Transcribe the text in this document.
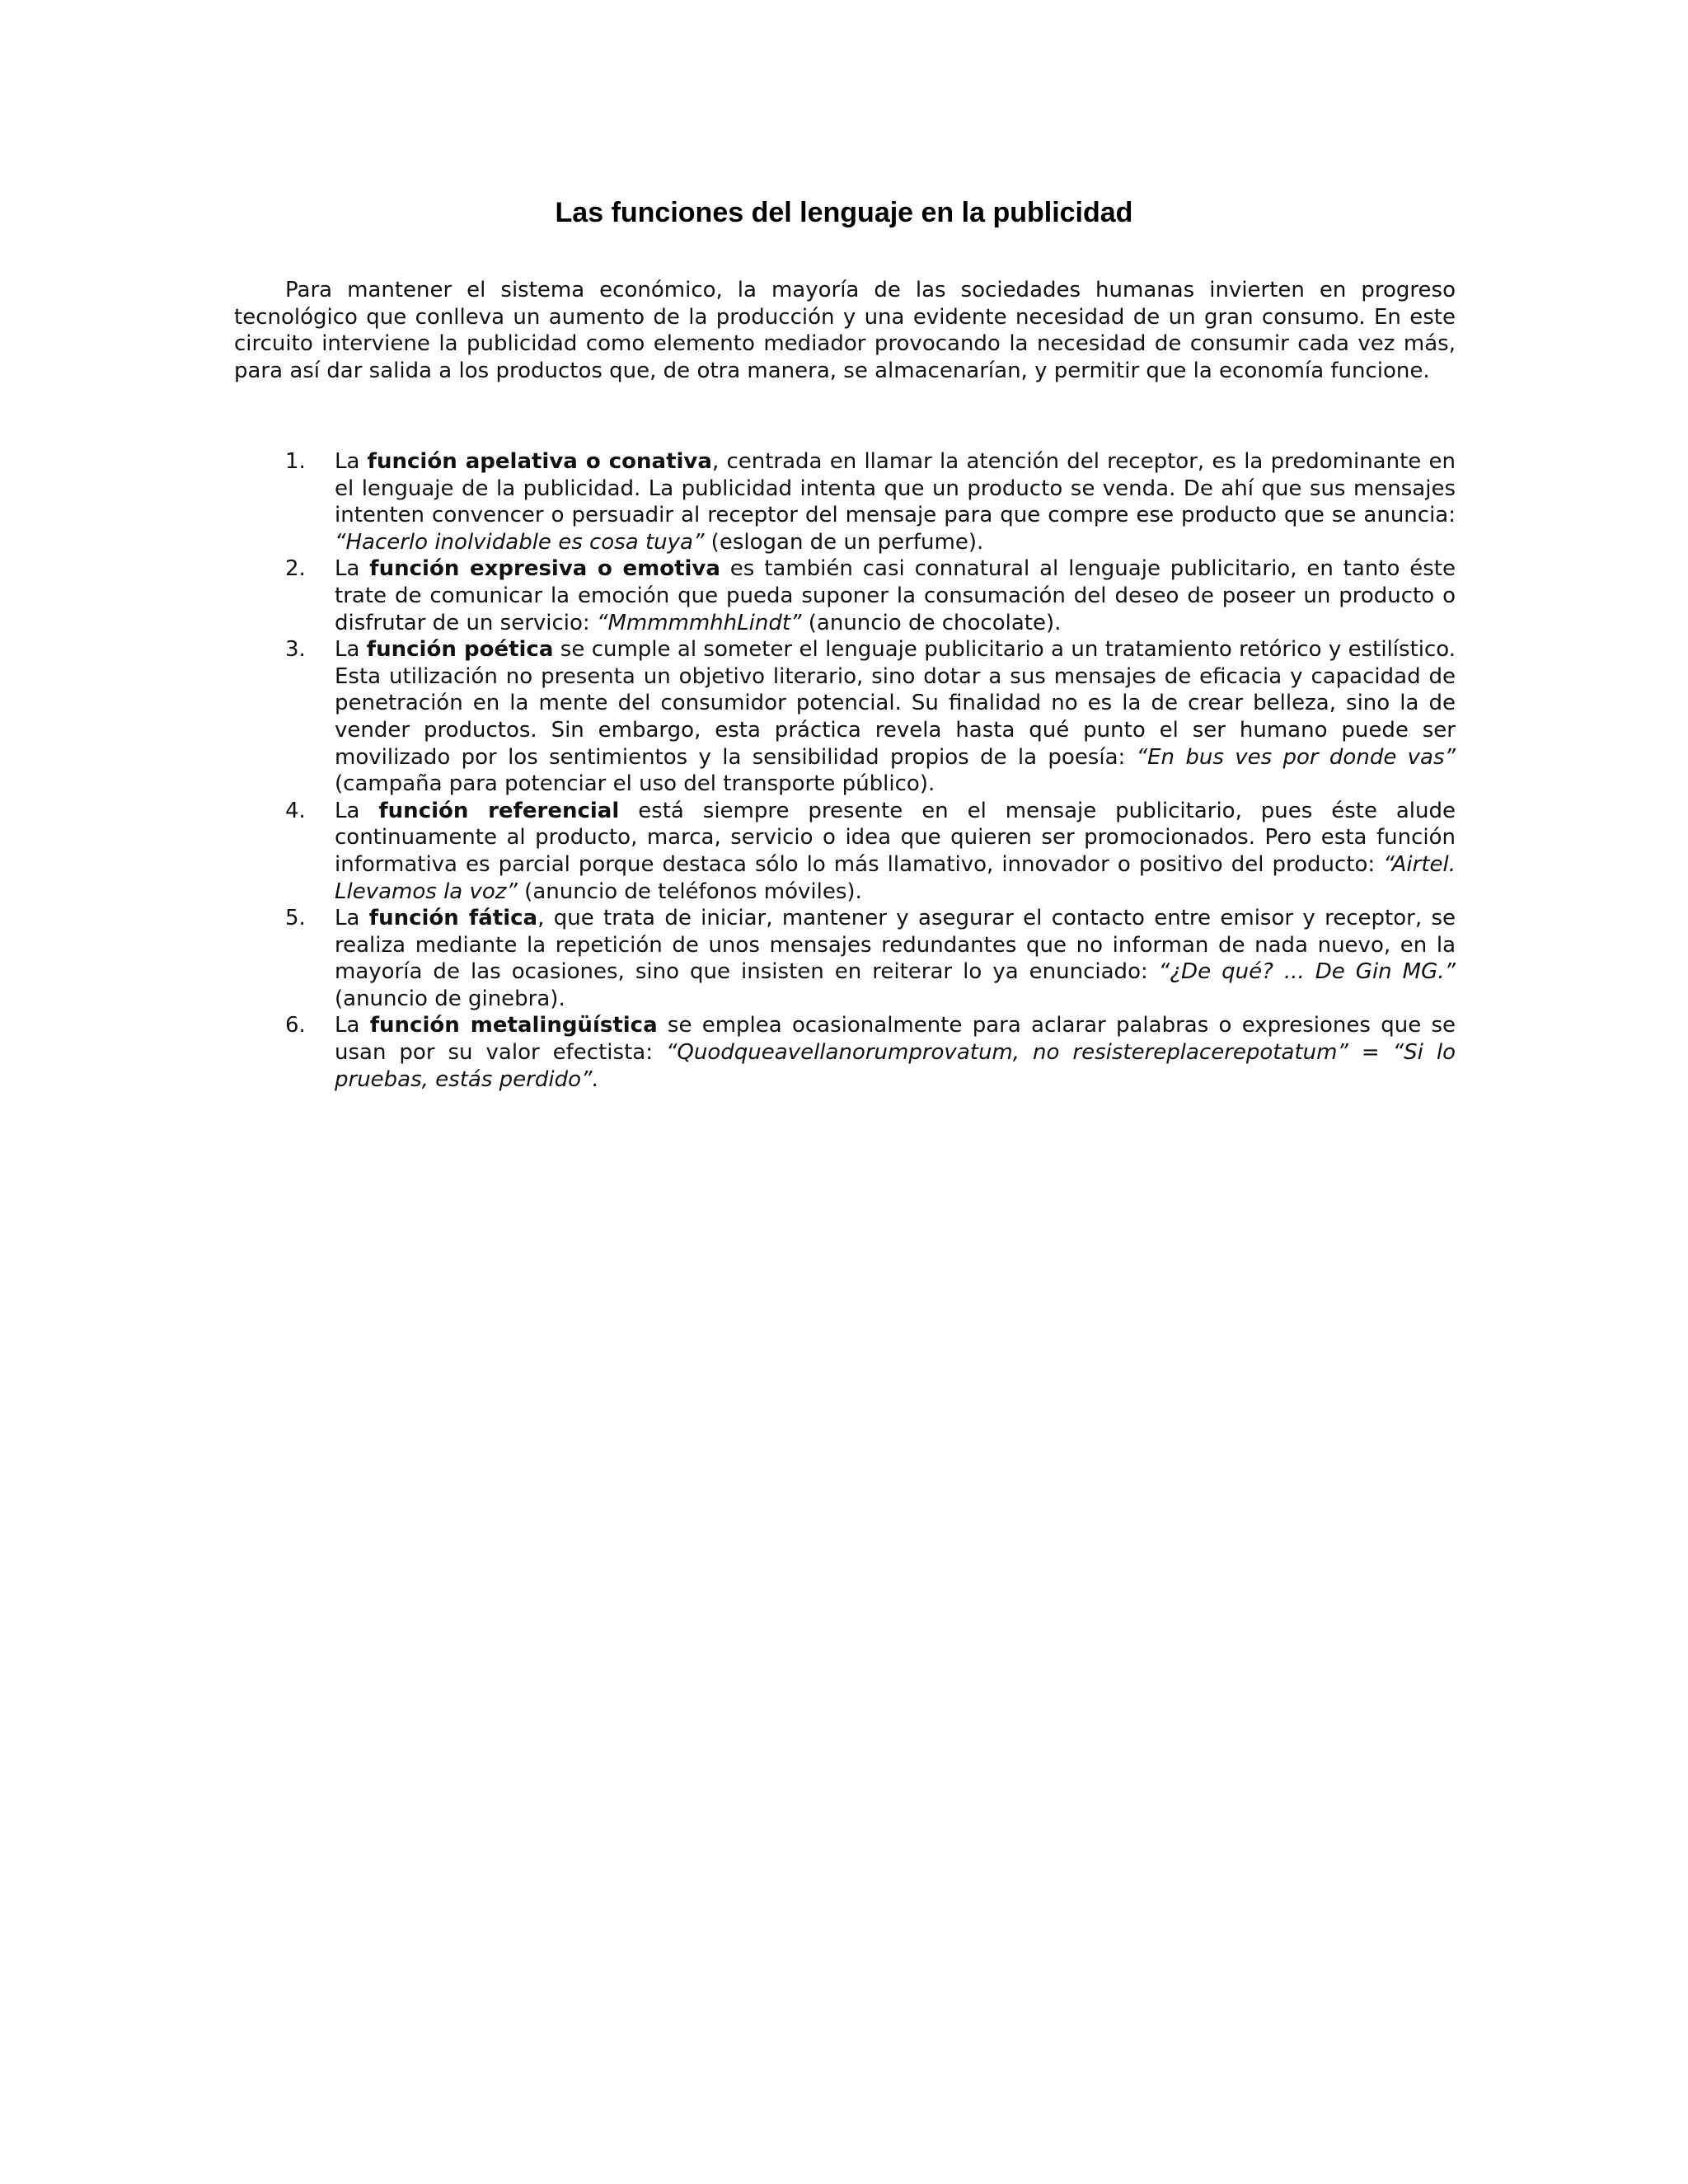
Las funciones del lenguaje en la publicidad

Para mantener el sistema económico, la mayoría de las sociedades humanas invierten en progreso tecnológico que conlleva un aumento de la producción y una evidente necesidad de un gran consumo. En este circuito interviene la publicidad como elemento mediador provocando la necesidad de consumir cada vez más, para así dar salida a los productos que, de otra manera, se almacenarían, y permitir que la economía funcione.

1. La función apelativa o conativa, centrada en llamar la atención del receptor, es la predominante en el lenguaje de la publicidad. La publicidad intenta que un producto se venda. De ahí que sus mensajes intenten convencer o persuadir al receptor del mensaje para que compre ese producto que se anuncia: “Hacerlo inolvidable es cosa tuya” (eslogan de un perfume).
2. La función expresiva o emotiva es también casi connatural al lenguaje publicitario, en tanto éste trate de comunicar la emoción que pueda suponer la consumación del deseo de poseer un producto o disfrutar de un servicio: “MmmmmhhLindt” (anuncio de chocolate).
3. La función poética se cumple al someter el lenguaje publicitario a un tratamiento retórico y estilístico. Esta utilización no presenta un objetivo literario, sino dotar a sus mensajes de eficacia y capacidad de penetración en la mente del consumidor potencial. Su finalidad no es la de crear belleza, sino la de vender productos. Sin embargo, esta práctica revela hasta qué punto el ser humano puede ser movilizado por los sentimientos y la sensibilidad propios de la poesía: “En bus ves por donde vas” (campaña para potenciar el uso del transporte público).
4. La función referencial está siempre presente en el mensaje publicitario, pues éste alude continuamente al producto, marca, servicio o idea que quieren ser promocionados. Pero esta función informativa es parcial porque destaca sólo lo más llamativo, innovador o positivo del producto: “Airtel. Llevamos la voz” (anuncio de teléfonos móviles).
5. La función fática, que trata de iniciar, mantener y asegurar el contacto entre emisor y receptor, se realiza mediante la repetición de unos mensajes redundantes que no informan de nada nuevo, en la mayoría de las ocasiones, sino que insisten en reiterar lo ya enunciado: “¿De qué? ... De Gin MG.” (anuncio de ginebra).
6. La función metalingüística se emplea ocasionalmente para aclarar palabras o expresiones que se usan por su valor efectista: “Quodqueavellanorumprovatum, no resistereplacerepotatum” = “Si lo pruebas, estás perdido”.
